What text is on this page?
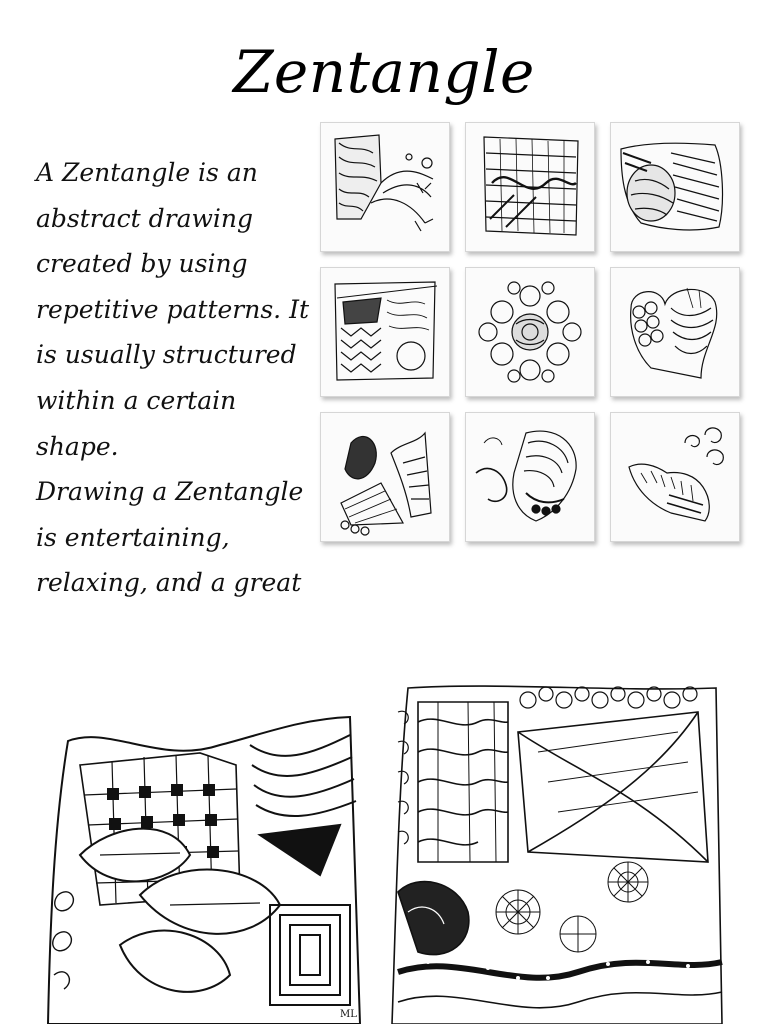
Zentangle

A Zentangle is an

abstract drawing

created by using

repetitive patterns. It

is usually structured

within a certain shape.

Drawing a Zentangle

is entertaining,

relaxing, and a great

ML
